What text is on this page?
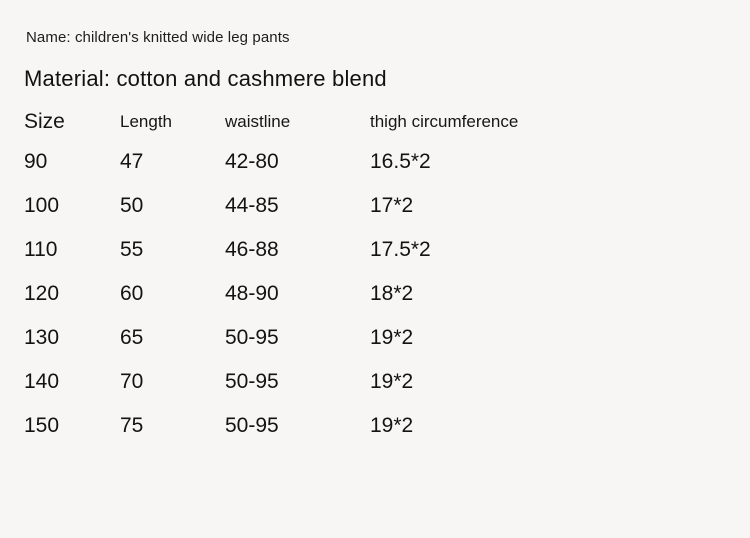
Name: children's knitted wide leg pants
Material: cotton and cashmere blend
Size	Length	waistline	thigh circumference
90	47	42-80	16.5*2
100	50	44-85	17*2
110	55	46-88	17.5*2
120	60	48-90	18*2
130	65	50-95	19*2
140	70	50-95	19*2
150	75	50-95	19*2
